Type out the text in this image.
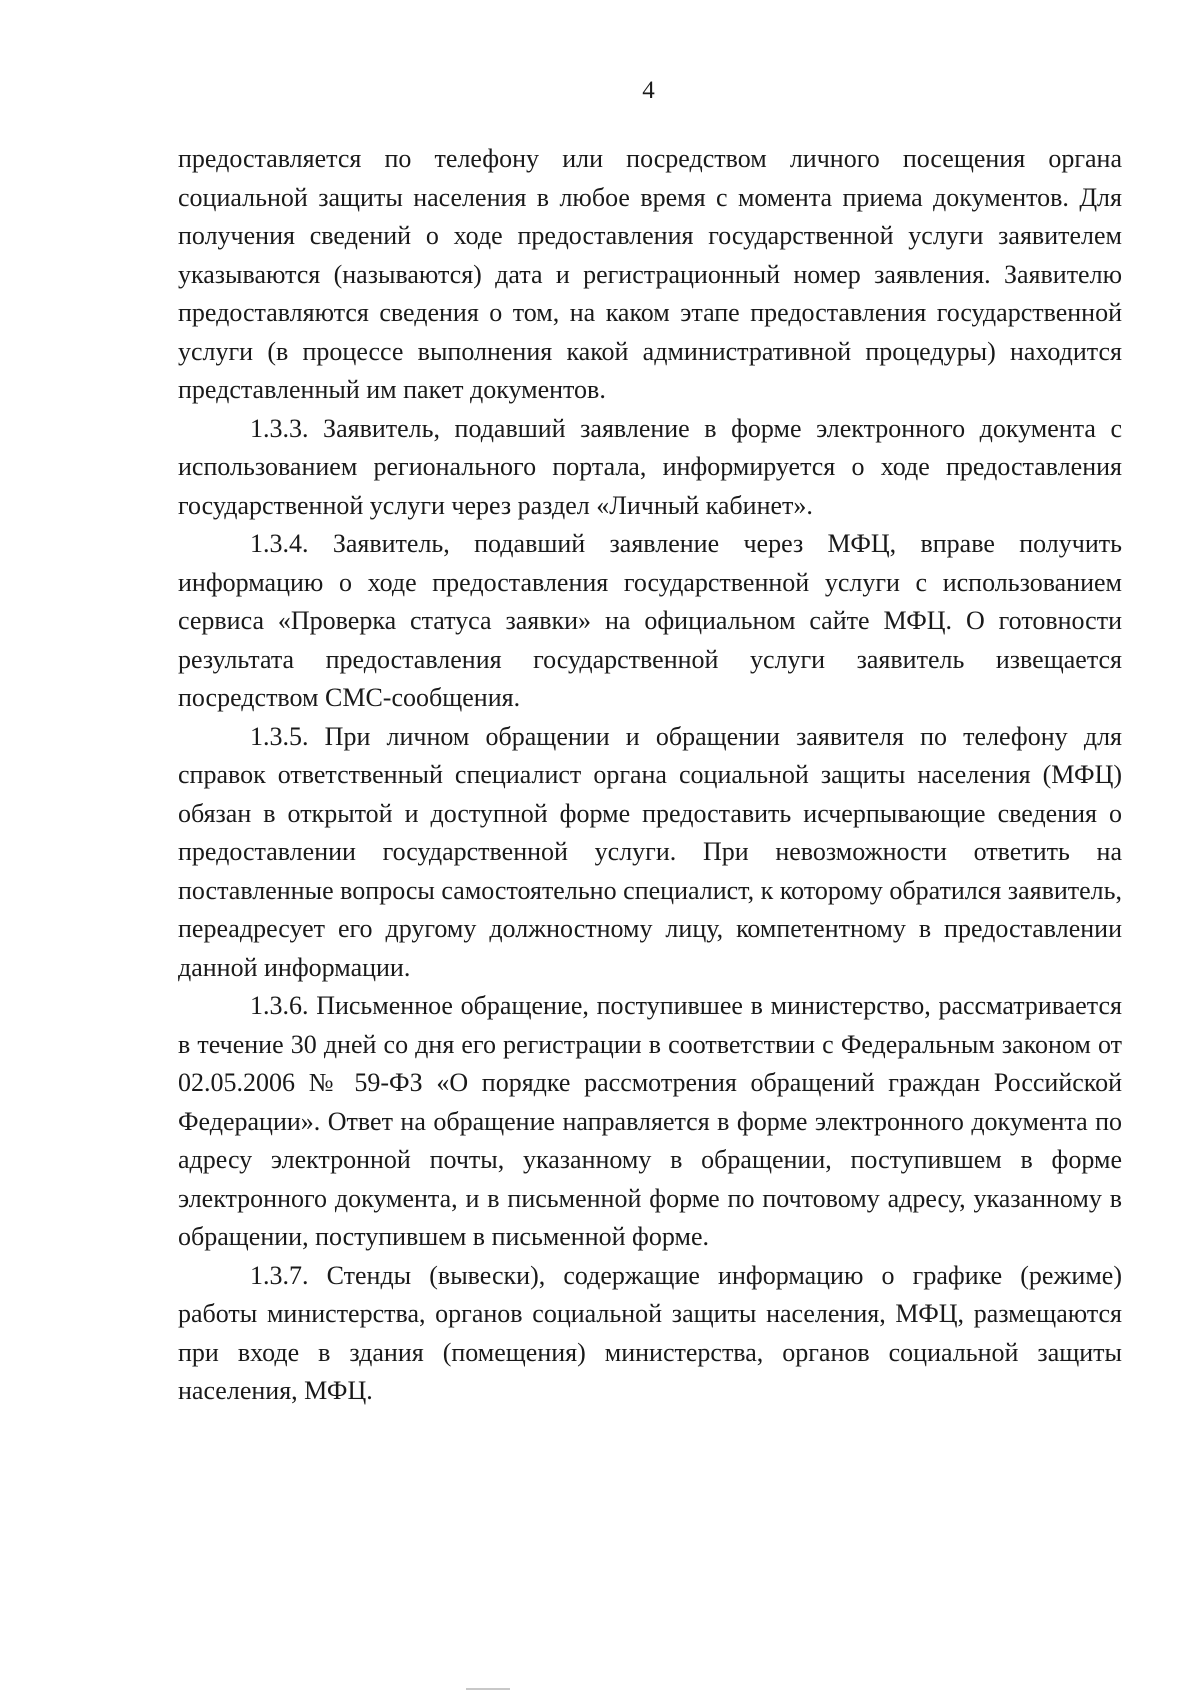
4

предоставляется по телефону или посредством личного посещения органа социальной защиты населения в любое время с момента приема документов. Для получения сведений о ходе предоставления государственной услуги заявителем указываются (называются) дата и регистрационный номер заявления. Заявителю предоставляются сведения о том, на каком этапе предоставления государственной услуги (в процессе выполнения какой административной процедуры) находится представленный им пакет документов.

1.3.3. Заявитель, подавший заявление в форме электронного документа с использованием регионального портала, информируется о ходе предоставления государственной услуги через раздел «Личный кабинет».

1.3.4. Заявитель, подавший заявление через МФЦ, вправе получить информацию о ходе предоставления государственной услуги с использованием сервиса «Проверка статуса заявки» на официальном сайте МФЦ. О готовности результата предоставления государственной услуги заявитель извещается посредством СМС-сообщения.

1.3.5. При личном обращении и обращении заявителя по телефону для справок ответственный специалист органа социальной защиты населения (МФЦ) обязан в открытой и доступной форме предоставить исчерпывающие сведения о предоставлении государственной услуги. При невозможности ответить на поставленные вопросы самостоятельно специалист, к которому обратился заявитель, переадресует его другому должностному лицу, компетентному в предоставлении данной информации.

1.3.6. Письменное обращение, поступившее в министерство, рассматривается в течение 30 дней со дня его регистрации в соответствии с Федеральным законом от 02.05.2006 № 59-ФЗ «О порядке рассмотрения обращений граждан Российской Федерации». Ответ на обращение направляется в форме электронного документа по адресу электронной почты, указанному в обращении, поступившем в форме электронного документа, и в письменной форме по почтовому адресу, указанному в обращении, поступившем в письменной форме.

1.3.7. Стенды (вывески), содержащие информацию о графике (режиме) работы министерства, органов социальной защиты населения, МФЦ, размещаются при входе в здания (помещения) министерства, органов социальной защиты населения, МФЦ.
